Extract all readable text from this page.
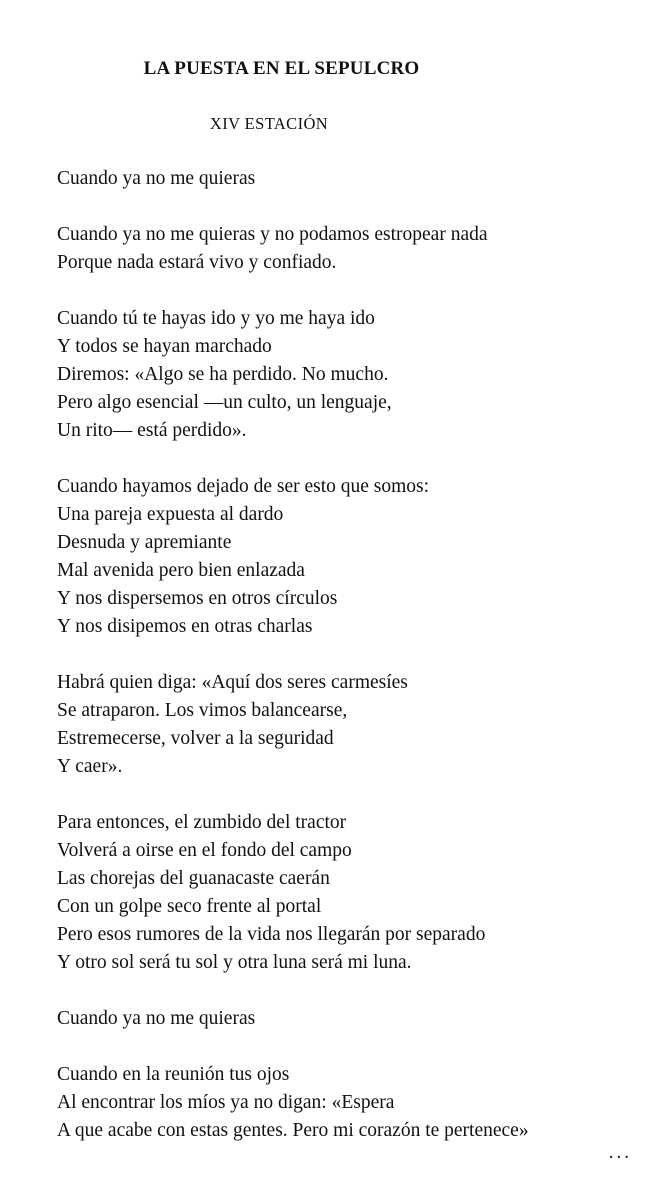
LA PUESTA EN EL SEPULCRO
XIV ESTACIÓN
Cuando ya no me quieras
Cuando ya no me quieras y no podamos estropear nada
Porque nada estará vivo y confiado.
Cuando tú te hayas ido y yo me haya ido
Y todos se hayan marchado
Diremos: «Algo se ha perdido. No mucho.
Pero algo esencial —un culto, un lenguaje,
Un rito— está perdido».
Cuando hayamos dejado de ser esto que somos:
Una pareja expuesta al dardo
Desnuda y apremiante
Mal avenida pero bien enlazada
Y nos dispersemos en otros círculos
Y nos disipemos en otras charlas
Habrá quien diga: «Aquí dos seres carmesíes
Se atraparon. Los vimos balancearse,
Estremecerse, volver a la seguridad
Y caer».
Para entonces, el zumbido del tractor
Volverá a oirse en el fondo del campo
Las chorejas del guanacaste caerán
Con un golpe seco frente al portal
Pero esos rumores de la vida nos llegarán por separado
Y otro sol será tu sol y otra luna será mi luna.
Cuando ya no me quieras
Cuando en la reunión tus ojos
Al encontrar los míos ya no digan: «Espera
A que acabe con estas gentes. Pero mi corazón te pertenece»
...
